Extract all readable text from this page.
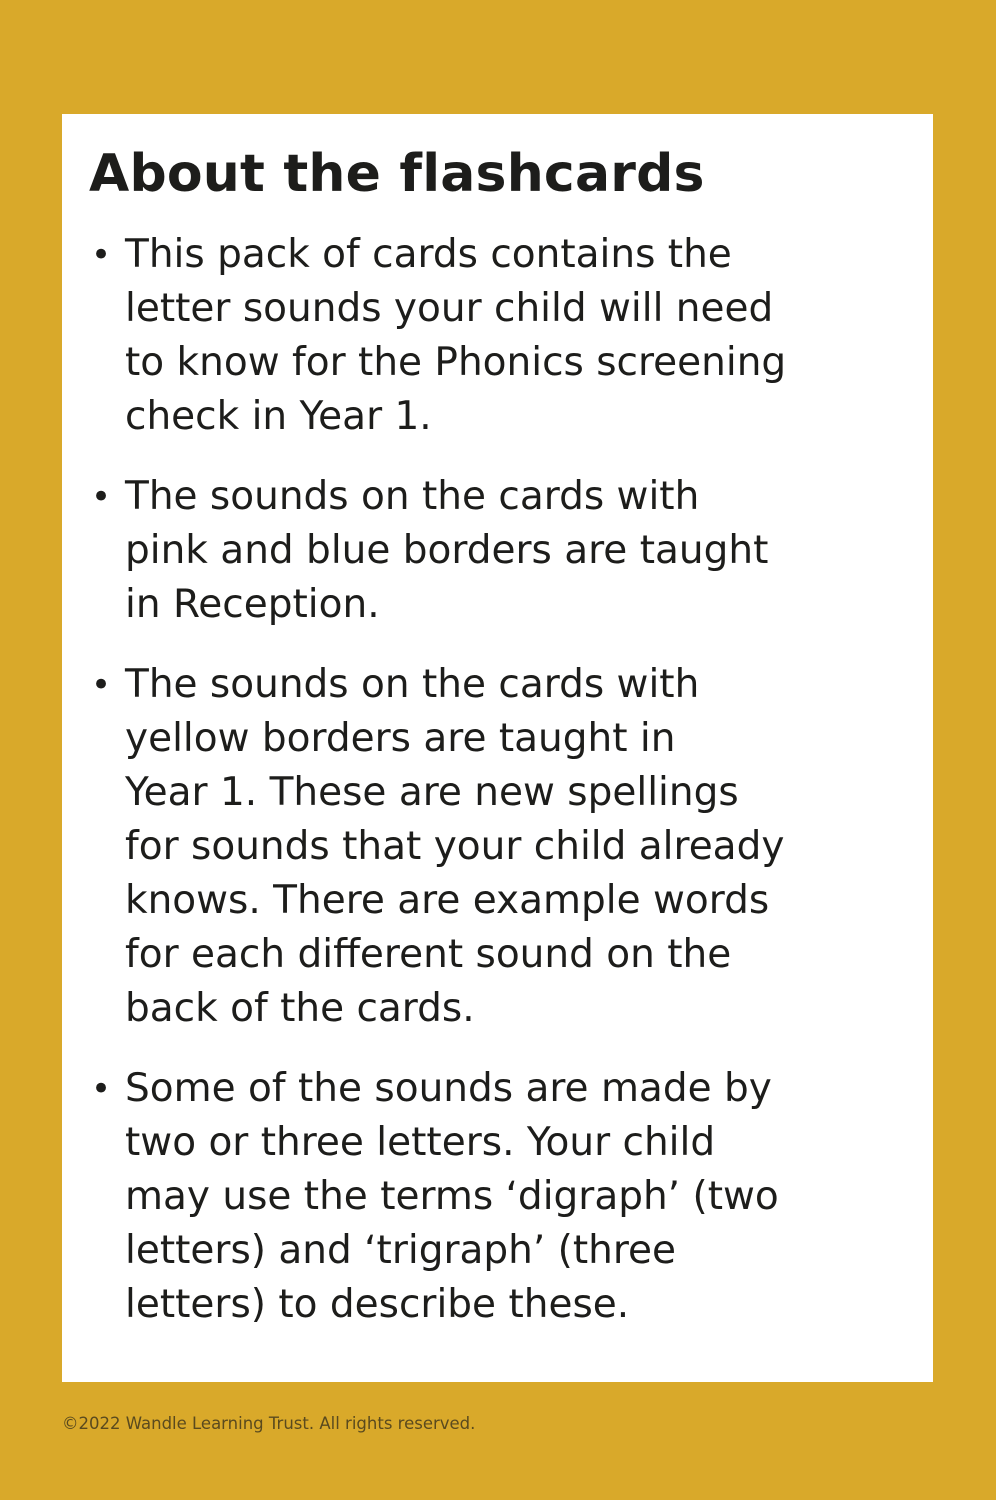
About the flashcards
• This pack of cards contains the
letter sounds your child will need
to know for the Phonics screening
check in Year 1.
• The sounds on the cards with
pink and blue borders are taught
in Reception.
• The sounds on the cards with
yellow borders are taught in
Year 1. These are new spellings
for sounds that your child already
knows. There are example words
for each different sound on the
back of the cards.
• Some of the sounds are made by
two or three letters. Your child
may use the terms ‘digraph’ (two
letters) and ‘trigraph’ (three
letters) to describe these.
©2022 Wandle Learning Trust. All rights reserved.
